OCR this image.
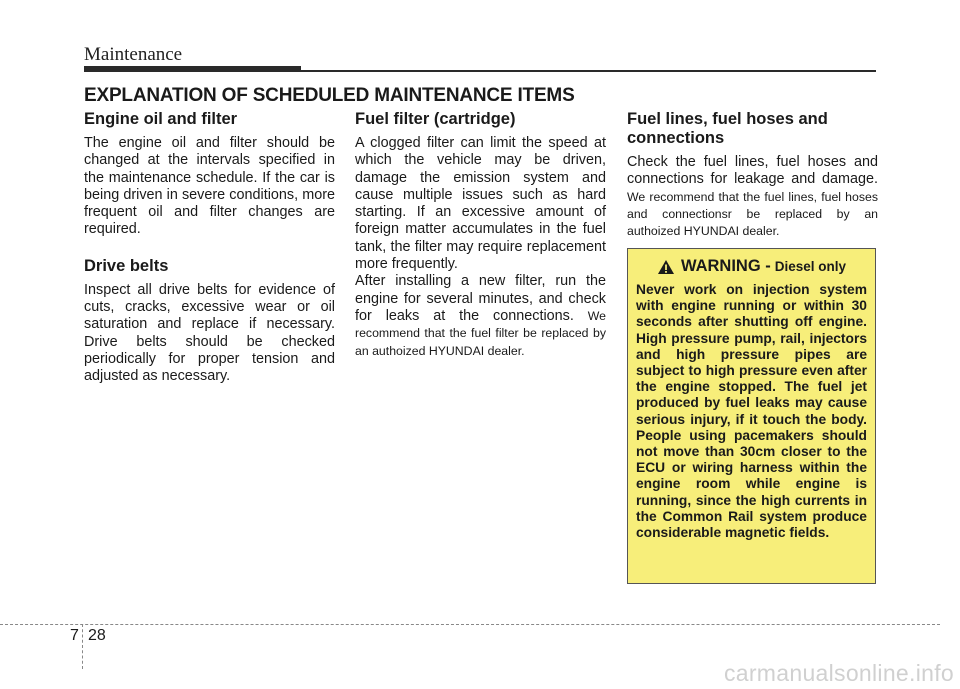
Maintenance
EXPLANATION OF SCHEDULED MAINTENANCE ITEMS
Engine oil and filter

The engine oil and filter should be changed at the intervals specified in the maintenance schedule. If the car is being driven in severe conditions, more frequent oil and filter changes are required.

Drive belts

Inspect all drive belts for evidence of cuts, cracks, excessive wear or oil saturation and replace if necessary. Drive belts should be checked periodically for proper tension and adjusted as necessary.

Fuel filter (cartridge)

A clogged filter can limit the speed at which the vehicle may be driven, damage the emission system and cause multiple issues such as hard starting. If an excessive amount of foreign matter accumulates in the fuel tank, the filter may require replacement more frequently.

After installing a new filter, run the engine for several minutes, and check for leaks at the connections. We recommend that the fuel filter be replaced by an authoized HYUNDAI dealer.

Fuel lines, fuel hoses and connections

Check the fuel lines, fuel hoses and connections for leakage and damage. We recommend that the fuel lines, fuel hoses and connectionsr be replaced by an authoized HYUNDAI dealer.

WARNING - Diesel only

Never work on injection system with engine running or within 30 seconds after shutting off engine. High pressure pump, rail, injectors and high pressure pipes are subject to high pressure even after the engine stopped. The fuel jet produced by fuel leaks may cause serious injury, if it touch the body. People using pacemakers should not move than 30cm closer to the ECU or wiring harness within the engine room while engine is running, since the high currents in the Common Rail system produce considerable magnetic fields.

7 28
carmanualsonline.info
